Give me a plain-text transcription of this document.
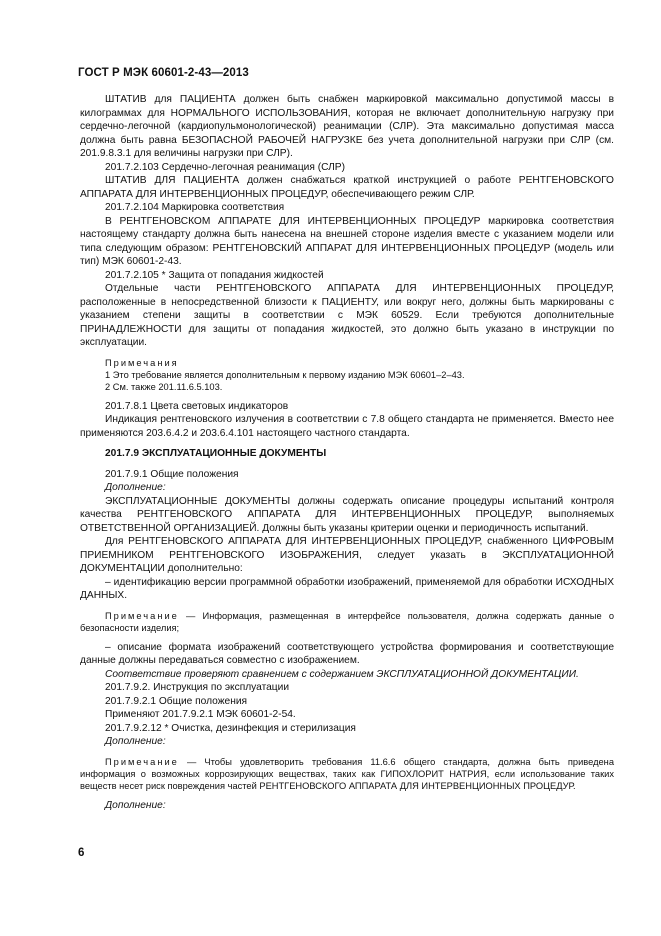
ГОСТ Р МЭК 60601-2-43—2013

ШТАТИВ для ПАЦИЕНТА должен быть снабжен маркировкой максимально допустимой массы в килограммах для НОРМАЛЬНОГО ИСПОЛЬЗОВАНИЯ, которая не включает дополнительную нагрузку при сердечно-легочной (кардиопульмонологической) реанимации (СЛР). Эта максимально допустимая масса должна быть равна БЕЗОПАСНОЙ РАБОЧЕЙ НАГРУЗКЕ без учета дополнительной нагрузки при СЛР (см. 201.9.8.3.1 для величины нагрузки при СЛР).

201.7.2.103 Сердечно-легочная реанимация (СЛР)

ШТАТИВ ДЛЯ ПАЦИЕНТА должен снабжаться краткой инструкцией о работе РЕНТГЕНОВСКОГО АППАРАТА ДЛЯ ИНТЕРВЕНЦИОННЫХ ПРОЦЕДУР, обеспечивающего режим СЛР.

201.7.2.104 Маркировка соответствия

В РЕНТГЕНОВСКОМ АППАРАТЕ ДЛЯ ИНТЕРВЕНЦИОННЫХ ПРОЦЕДУР маркировка соответствия настоящему стандарту должна быть нанесена на внешней стороне изделия вместе с указанием модели или типа следующим образом: РЕНТГЕНОВСКИЙ АППАРАТ ДЛЯ ИНТЕРВЕНЦИОННЫХ ПРОЦЕДУР (модель или тип) МЭК 60601-2-43.

201.7.2.105 * Защита от попадания жидкостей

Отдельные части РЕНТГЕНОВСКОГО АППАРАТА ДЛЯ ИНТЕРВЕНЦИОННЫХ ПРОЦЕДУР, расположенные в непосредственной близости к ПАЦИЕНТУ, или вокруг него, должны быть маркированы с указанием степени защиты в соответствии с МЭК 60529. Если требуются дополнительные ПРИНАДЛЕЖНОСТИ для защиты от попадания жидкостей, это должно быть указано в инструкции по эксплуатации.

Примечания

1 Это требование является дополнительным к первому изданию МЭК 60601–2–43.

2 См. также 201.11.6.5.103.

201.7.8.1 Цвета световых индикаторов

Индикация рентгеновского излучения в соответствии с 7.8 общего стандарта не применяется. Вместо нее применяются 203.6.4.2 и 203.6.4.101 настоящего частного стандарта.

201.7.9 ЭКСПЛУАТАЦИОННЫЕ ДОКУМЕНТЫ

201.7.9.1 Общие положения

Дополнение:

ЭКСПЛУАТАЦИОННЫЕ ДОКУМЕНТЫ должны содержать описание процедуры испытаний контроля качества РЕНТГЕНОВСКОГО АППАРАТА ДЛЯ ИНТЕРВЕНЦИОННЫХ ПРОЦЕДУР, выполняемых ОТВЕТСТВЕННОЙ ОРГАНИЗАЦИЕЙ. Должны быть указаны критерии оценки и периодичность испытаний.

Для РЕНТГЕНОВСКОГО АППАРАТА ДЛЯ ИНТЕРВЕНЦИОННЫХ ПРОЦЕДУР, снабженного ЦИФРОВЫМ ПРИЕМНИКОМ РЕНТГЕНОВСКОГО ИЗОБРАЖЕНИЯ, следует указать в ЭКСПЛУАТАЦИОННОЙ ДОКУМЕНТАЦИИ дополнительно:

– идентификацию версии программной обработки изображений, применяемой для обработки ИСХОДНЫХ ДАННЫХ.

Примечание — Информация, размещенная в интерфейсе пользователя, должна содержать данные о безопасности изделия;

– описание формата изображений соответствующего устройства формирования и соответствующие данные должны передаваться совместно с изображением.

Соответствие проверяют сравнением с содержанием ЭКСПЛУАТАЦИОННОЙ ДОКУМЕНТАЦИИ.

201.7.9.2. Инструкция по эксплуатации

201.7.9.2.1 Общие положения

Применяют 201.7.9.2.1 МЭК 60601-2-54.

201.7.9.2.12 * Очистка, дезинфекция и стерилизация

Дополнение:

Примечание — Чтобы удовлетворить требования 11.6.6 общего стандарта, должна быть приведена информация о возможных коррозирующих веществах, таких как ГИПОХЛОРИТ НАТРИЯ, если использование таких веществ несет риск повреждения частей РЕНТГЕНОВСКОГО АППАРАТА ДЛЯ ИНТЕРВЕНЦИОННЫХ ПРОЦЕДУР.

Дополнение:

6
